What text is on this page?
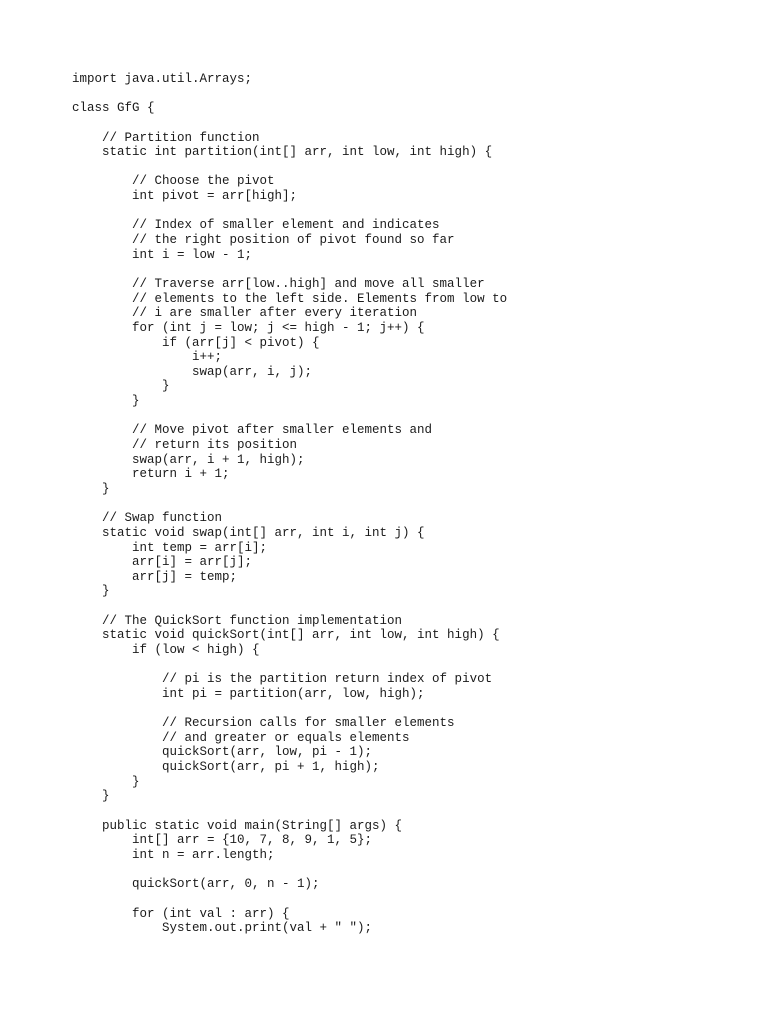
import java.util.Arrays;
class GfG {
// Partition function
static int partition(int[] arr, int low, int high) {
// Choose the pivot
int pivot = arr[high];
// Index of smaller element and indicates
// the right position of pivot found so far
int i = low - 1;
// Traverse arr[low..high] and move all smaller
// elements to the left side. Elements from low to
// i are smaller after every iteration
for (int j = low; j <= high - 1; j++) {
if (arr[j] < pivot) {
i++;
swap(arr, i, j);
}
}
// Move pivot after smaller elements and
// return its position
swap(arr, i + 1, high);
return i + 1;
}
// Swap function
static void swap(int[] arr, int i, int j) {
int temp = arr[i];
arr[i] = arr[j];
arr[j] = temp;
}
// The QuickSort function implementation
static void quickSort(int[] arr, int low, int high) {
if (low < high) {
// pi is the partition return index of pivot
int pi = partition(arr, low, high);
// Recursion calls for smaller elements
// and greater or equals elements
quickSort(arr, low, pi - 1);
quickSort(arr, pi + 1, high);
}
}
public static void main(String[] args) {
int[] arr = {10, 7, 8, 9, 1, 5};
int n = arr.length;
quickSort(arr, 0, n - 1);
for (int val : arr) {
System.out.print(val + " ");
